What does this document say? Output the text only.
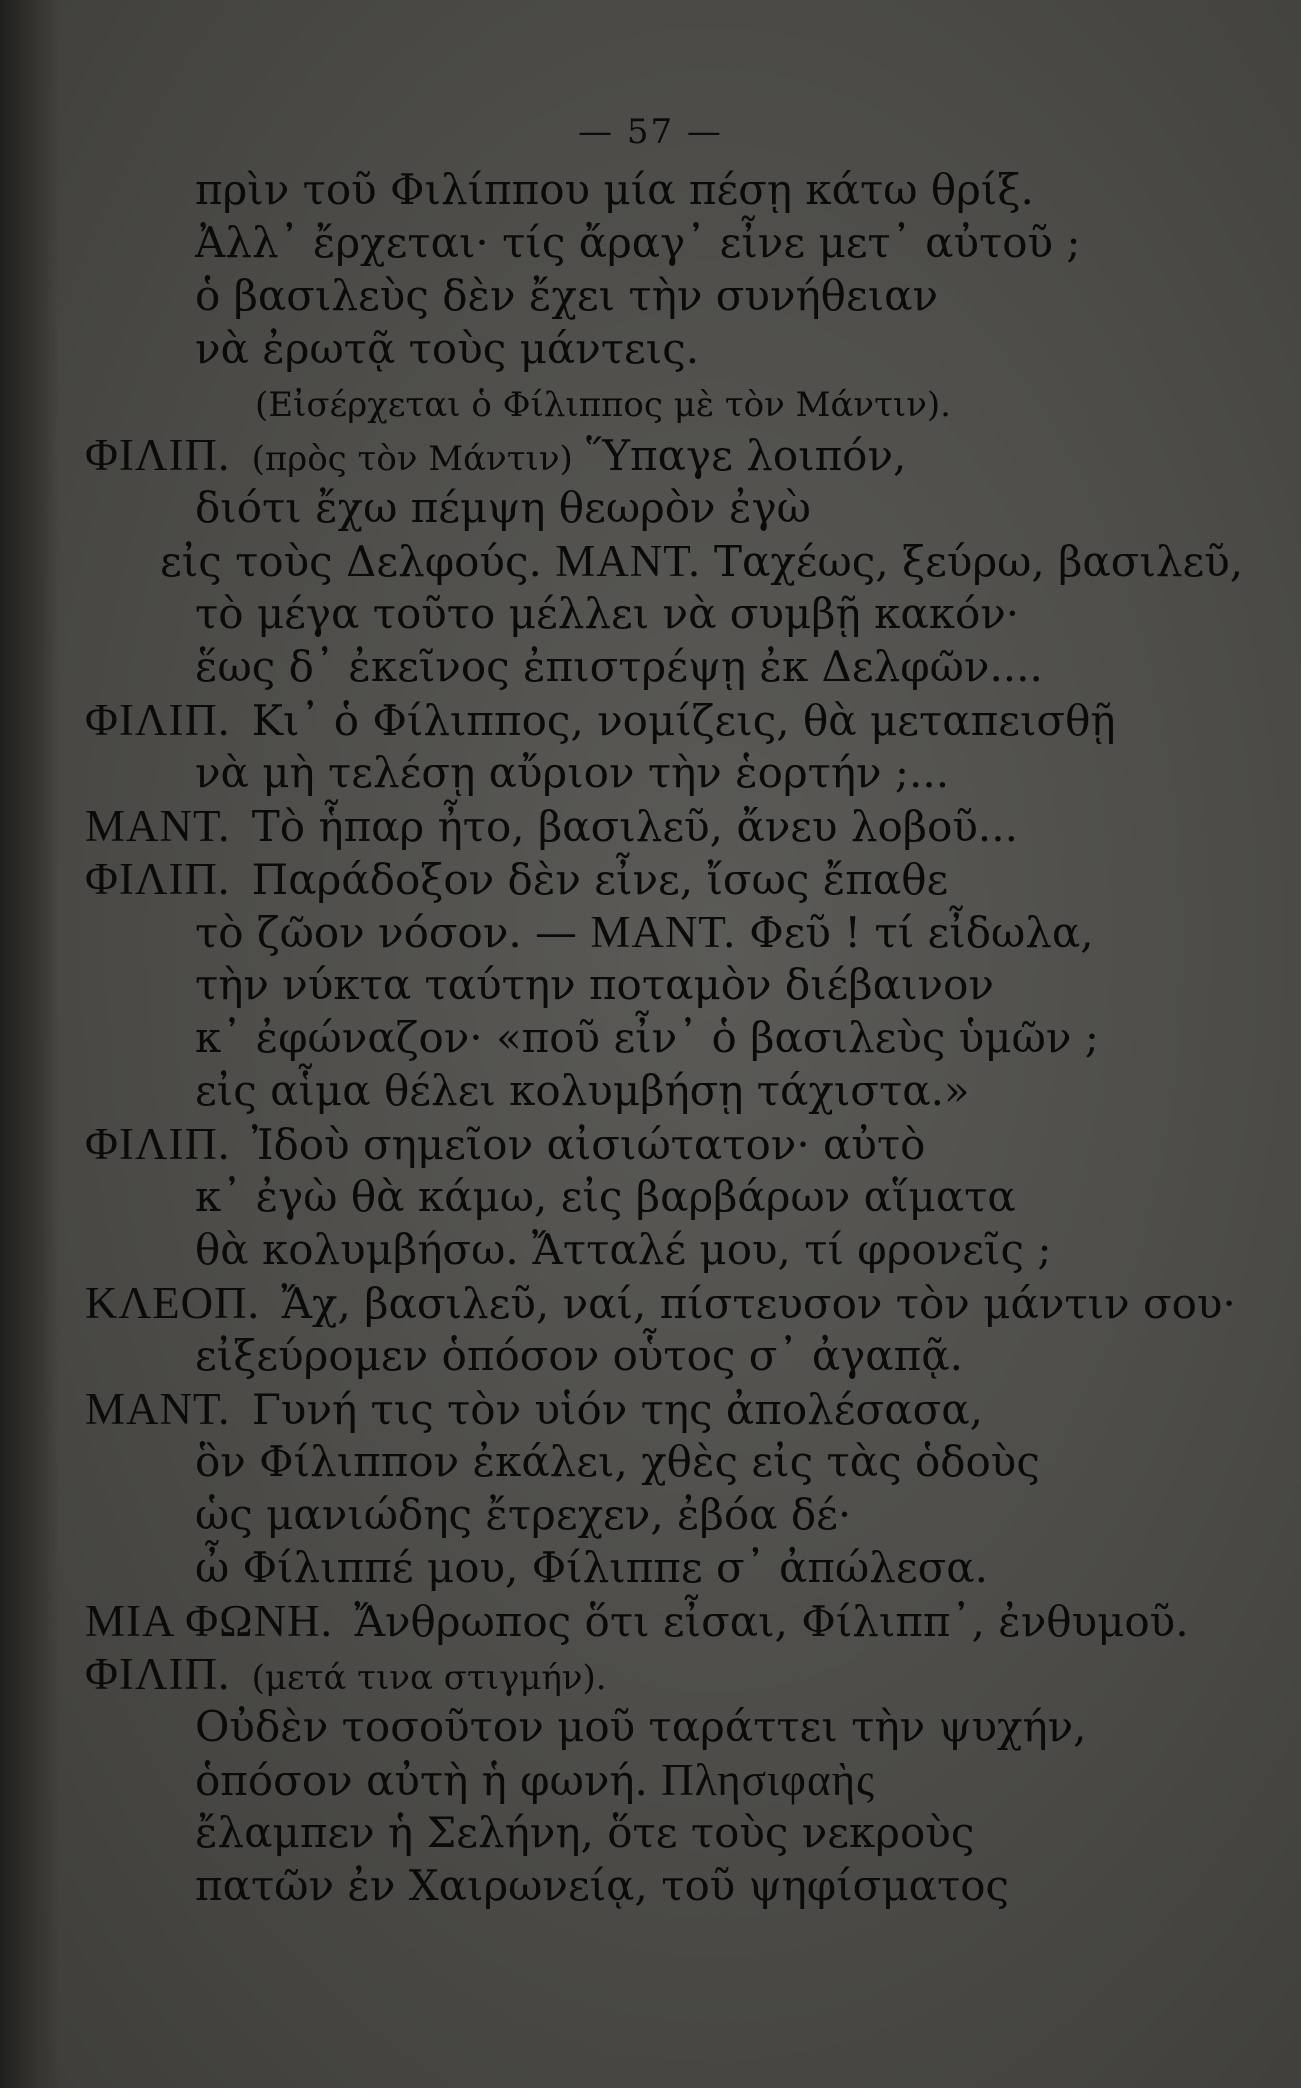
— 57 —
πρὶν τοῦ Φιλίππου μία πέσῃ κάτω θρίξ.
Ἀλλ᾽ ἔρχεται· τίς ἄραγ᾽ εἶνε μετ᾽ αὐτοῦ ;
ὁ βασιλεὺς δὲν ἔχει τὴν συνήθειαν
νὰ ἐρωτᾷ τοὺς μάντεις.
(Εἰσέρχεται ὁ Φίλιππος μὲ τὸν Μάντιν).
ΦΙΛΙΠ. (πρὸς τὸν Μάντιν) Ὕπαγε λοιπόν,
διότι ἔχω πέμψη θεωρὸν ἐγὼ
εἰς τοὺς Δελφούς. ΜΑΝΤ. Ταχέως, ξεύρω, βασιλεῦ,
τὸ μέγα τοῦτο μέλλει νὰ συμβῇ κακόν·
ἕως δ᾽ ἐκεῖνος ἐπιστρέψῃ ἐκ Δελφῶν....
ΦΙΛΙΠ. Κι᾽ ὁ Φίλιππος, νομίζεις, θὰ μεταπεισθῇ
νὰ μὴ τελέσῃ αὔριον τὴν ἑορτήν ;...
ΜΑΝΤ. Τὸ ἧπαρ ἦτο, βασιλεῦ, ἄνευ λοβοῦ...
ΦΙΛΙΠ. Παράδοξον δὲν εἶνε, ἴσως ἔπαθε
τὸ ζῶον νόσον. — ΜΑΝΤ. Φεῦ ! τί εἶδωλα,
τὴν νύκτα ταύτην ποταμὸν διέβαινον
κ᾽ ἐφώναζον· «ποῦ εἶν᾽ ὁ βασιλεὺς ὑμῶν ;
εἰς αἷμα θέλει κολυμβήσῃ τάχιστα.»
ΦΙΛΙΠ. Ἰδοὺ σημεῖον αἰσιώτατον· αὐτὸ
κ᾽ ἐγὼ θὰ κάμω, εἰς βαρβάρων αἵματα
θὰ κολυμβήσω. Ἄτταλέ μου, τί φρονεῖς ;
ΚΛΕΟΠ. Ἄχ, βασιλεῦ, ναί, πίστευσον τὸν μάντιν σου·
εἰξεύρομεν ὁπόσον οὗτος σ᾽ ἀγαπᾷ.
ΜΑΝΤ. Γυνή τις τὸν υἱόν της ἀπολέσασα,
ὃν Φίλιππον ἐκάλει, χθὲς εἰς τὰς ὁδοὺς
ὡς μανιώδης ἔτρεχεν, ἐβόα δέ·
ὦ Φίλιππέ μου, Φίλιππε σ᾽ ἀπώλεσα.
ΜΙΑ ΦΩΝΗ. Ἄνθρωπος ὅτι εἶσαι, Φίλιππ᾽, ἐνθυμοῦ.
ΦΙΛΙΠ. (μετά τινα στιγμήν).
Οὐδὲν τοσοῦτον μοῦ ταράττει τὴν ψυχήν,
ὁπόσον αὐτὴ ἡ φωνή. Πλησιφαὴς
ἔλαμπεν ἡ Σελήνη, ὅτε τοὺς νεκροὺς
πατῶν ἐν Χαιρωνείᾳ, τοῦ ψηφίσματος
